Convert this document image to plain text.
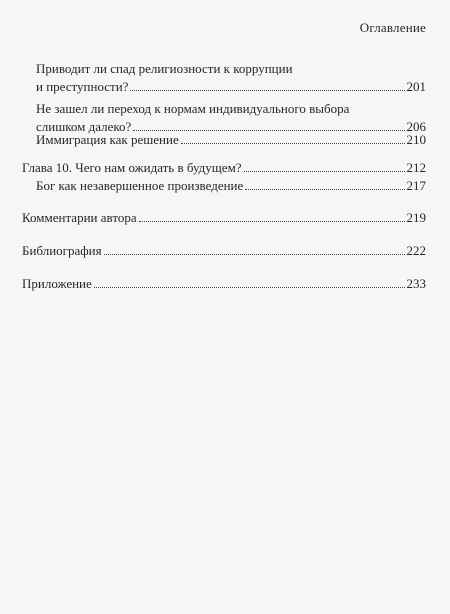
Оглавление
Приводит ли спад религиозности к коррупции
и преступности?	201
Не зашел ли переход к нормам индивидуального выбора
слишком далеко?	206
Иммиграция как решение	210
Глава 10. Чего нам ожидать в будущем?	212
Бог как незавершенное произведение	217
Комментарии автора	219
Библиография	222
Приложение	233
